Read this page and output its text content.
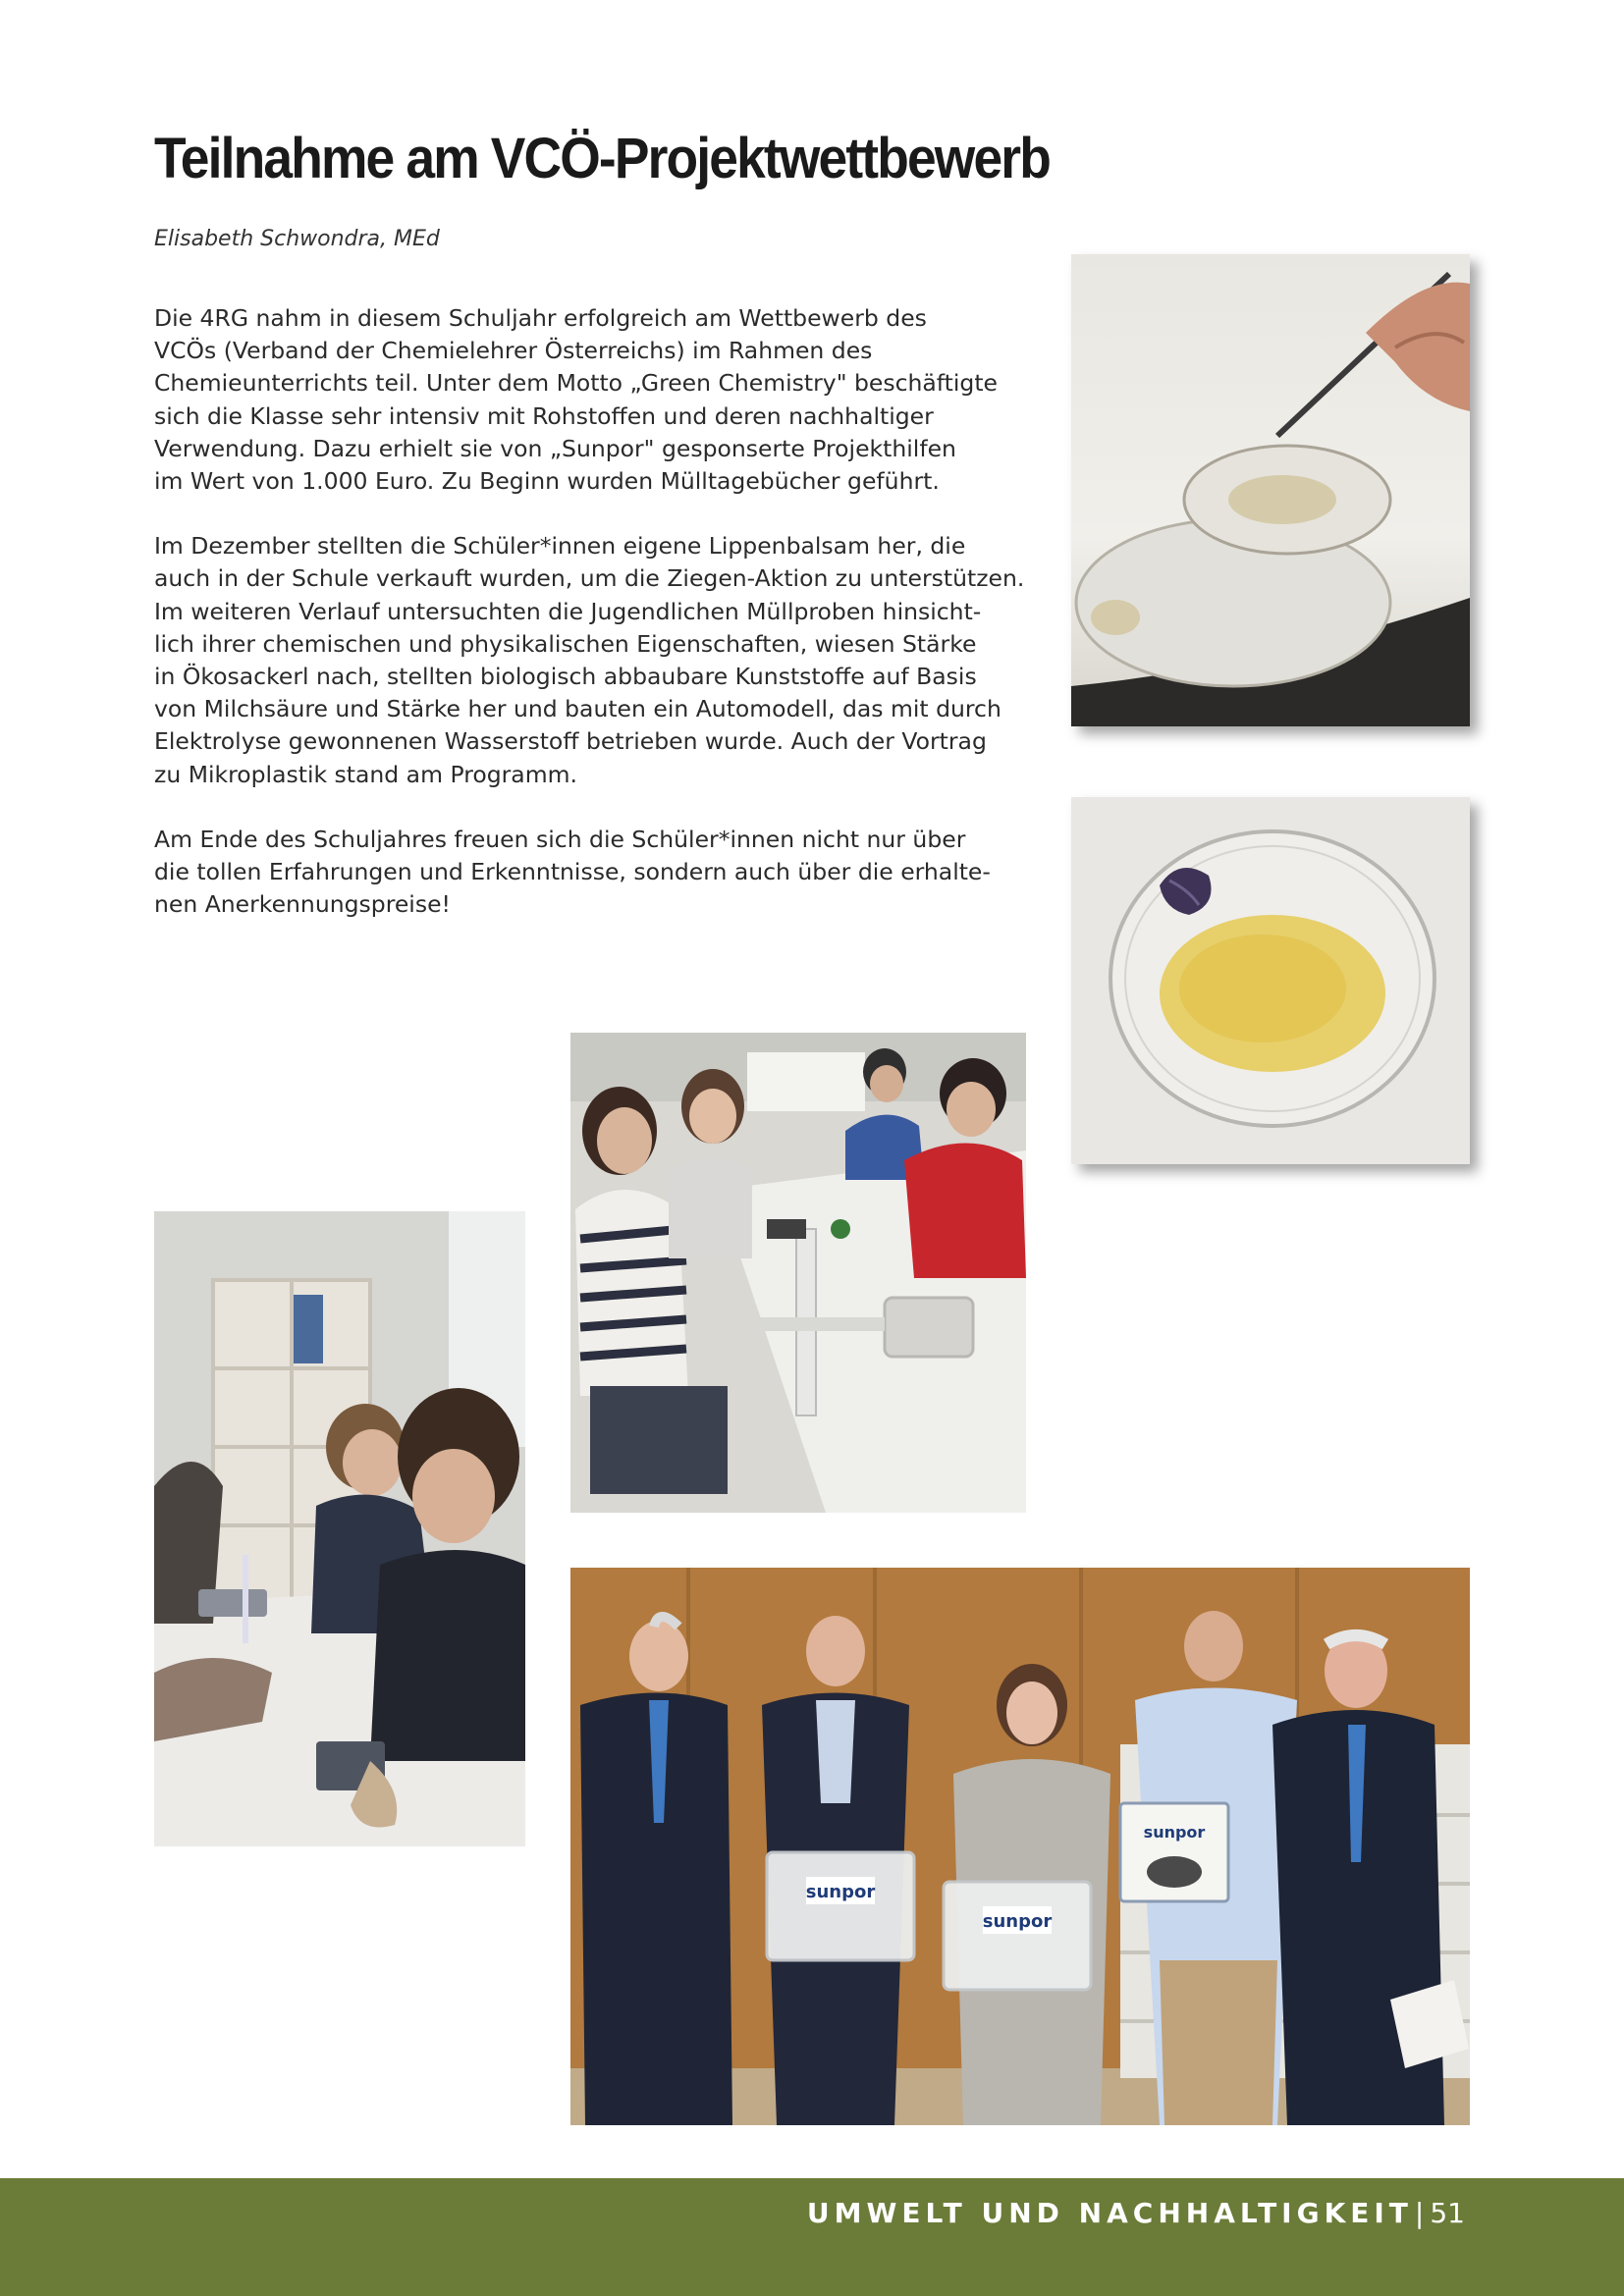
Teilnahme am VCÖ-Projektwettbewerb
Elisabeth Schwondra, MEd

Die 4RG nahm in diesem Schuljahr erfolgreich am Wettbewerb des
VCÖs (Verband der Chemielehrer Österreichs) im Rahmen des
Chemieunterrichts teil. Unter dem Motto „Green Chemistry" beschäftigte
sich die Klasse sehr intensiv mit Rohstoffen und deren nachhaltiger
Verwendung. Dazu erhielt sie von „Sunpor" gesponserte Projekthilfen
im Wert von 1.000 Euro. Zu Beginn wurden Mülltagebücher geführt.

Im Dezember stellten die Schüler*innen eigene Lippenbalsam her, die
auch in der Schule verkauft wurden, um die Ziegen-Aktion zu unterstützen.
Im weiteren Verlauf untersuchten die Jugendlichen Müllproben hinsicht-
lich ihrer chemischen und physikalischen Eigenschaften, wiesen Stärke
in Ökosackerl nach, stellten biologisch abbaubare Kunststoffe auf Basis
von Milchsäure und Stärke her und bauten ein Automodell, das mit durch
Elektrolyse gewonnenen Wasserstoff betrieben wurde. Auch der Vortrag
zu Mikroplastik stand am Programm.

Am Ende des Schuljahres freuen sich die Schüler*innen nicht nur über
die tollen Erfahrungen und Erkenntnisse, sondern auch über die erhalte-
nen Anerkennungspreise!

sunpor
sunpor
sunpor
UMWELT UND NACHHALTIGKEIT| 51
